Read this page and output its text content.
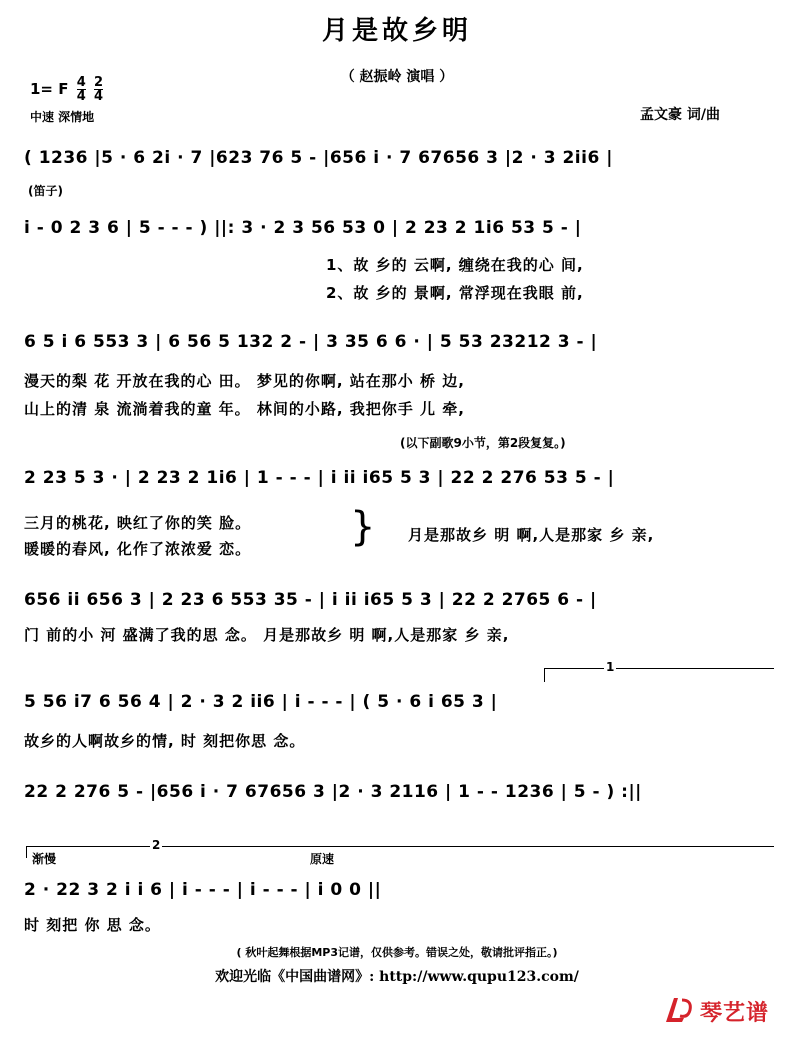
月是故乡明
（ 赵振岭 演唱 ）
1= F $\frac{4}{4} \frac{2}{4}$
中速 深情地	孟文豪 词/曲
( 1236 |5 · 6 2i · 7 |623 76 5 - |656 i · 7 67656 3 |2 · 3 2ii6 |
(笛子)
i - 0 2 3 6 | 5 - - - ) ||: 3 · 2 3 56 53 0 | 2 23 2 1i6 53 5 - |
1、故 乡的 云啊, 缠绕在我的心 间,
2、故 乡的 景啊, 常浮现在我眼 前,
6 5 i 6 553 3 | 6 56 5 132 2 - | 3 35 6 6 · | 5 53 23212 3 - |
漫天的梨 花 开放在我的心 田。 梦见的你啊, 站在那小 桥 边,
山上的清 泉 流淌着我的童 年。 林间的小路, 我把你手 儿 牵,
(以下副歌9小节，第2段复复。)
2 23 5 3 · | 2 23 2 1i6 | 1 - - - | i ii i65 5 3 | 22 2 276 53 5 - |
三月的桃花, 映红了你的笑 脸。
暖暖的春风, 化作了浓浓爱 恋。 } 月是那故乡 明 啊,人是那家 乡 亲,
656 ii 656 3 | 2 23 6 553 35 - | i ii i65 5 3 | 22 2 2765 6 - |
门 前的小 河 盛满了我的思 念。 月是那故乡 明 啊,人是那家 乡 亲,
1
5 56 i7 6 56 4 | 2 · 3 2 ii6 | i - - - | ( 5 · 6 i 65 3 |
故乡的人啊故乡的情, 时 刻把你思 念。
22 2 276 5 - |656 i · 7 67656 3 |2 · 3 2116 | 1 - - 1236 | 5 - ) :||
2
渐慢	原速
2 · 22 3 2 i i 6 | i - - - | i - - - | i 0 0 ||
时 刻把 你 思 念。
( 秋叶起舞根据MP3记谱，仅供参考。错误之处，敬请批评指正。)
欢迎光临《中国曲谱网》: http://www.qupu123.com/
琴艺谱
